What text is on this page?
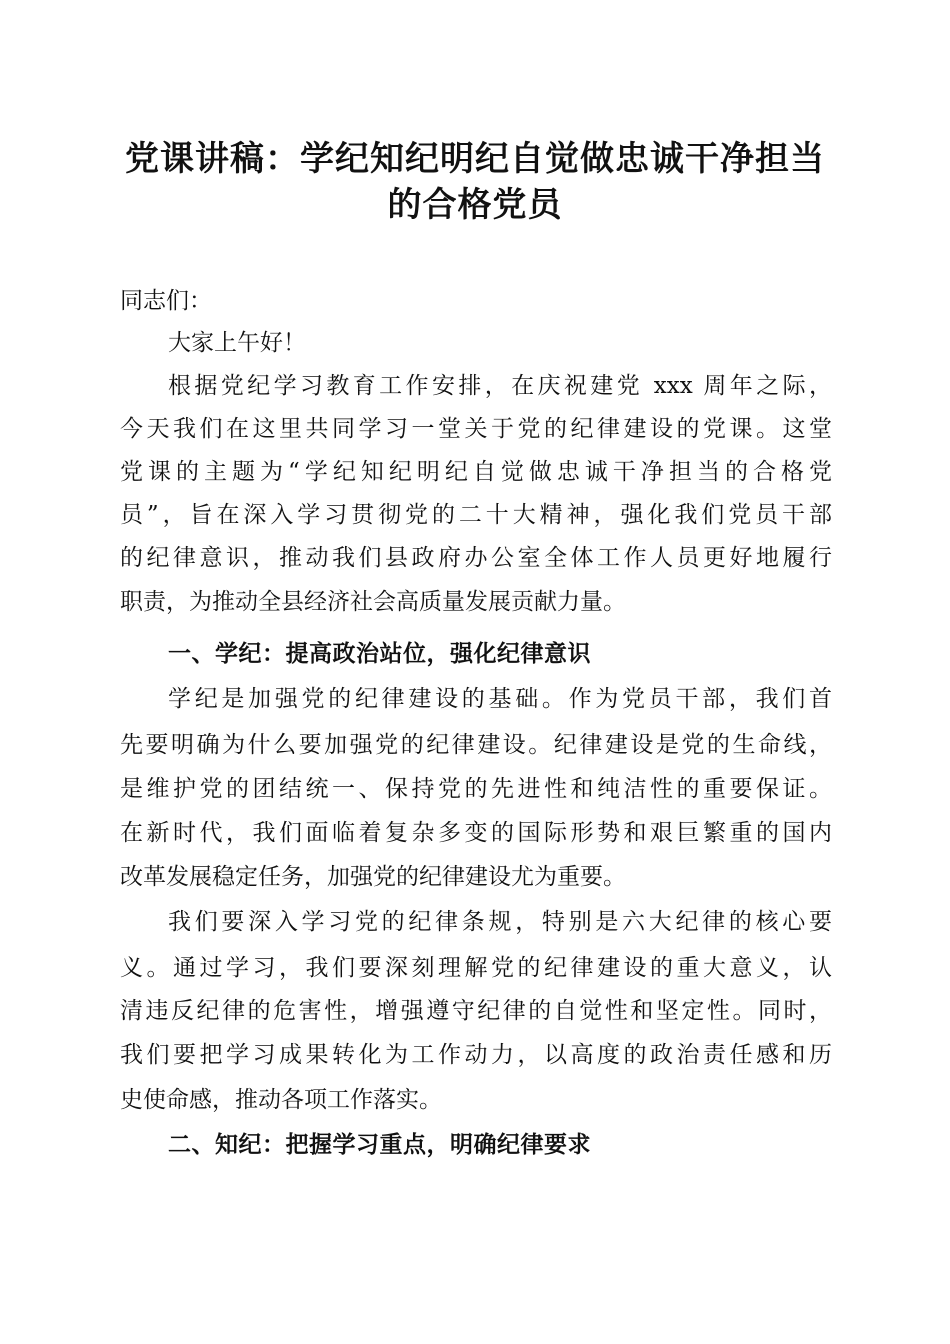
党课讲稿：学纪知纪明纪自觉做忠诚干净担当
的合格党员
同志们：
大家上午好！
根据党纪学习教育工作安排，在庆祝建党 xxx 周年之际，
今天我们在这里共同学习一堂关于党的纪律建设的党课。这堂
党课的主题为“学纪知纪明纪自觉做忠诚干净担当的合格党
员”，旨在深入学习贯彻党的二十大精神，强化我们党员干部
的纪律意识，推动我们县政府办公室全体工作人员更好地履行
职责，为推动全县经济社会高质量发展贡献力量。
一、学纪：提高政治站位，强化纪律意识
学纪是加强党的纪律建设的基础。作为党员干部，我们首
先要明确为什么要加强党的纪律建设。纪律建设是党的生命线，
是维护党的团结统一、保持党的先进性和纯洁性的重要保证。
在新时代，我们面临着复杂多变的国际形势和艰巨繁重的国内
改革发展稳定任务，加强党的纪律建设尤为重要。
我们要深入学习党的纪律条规，特别是六大纪律的核心要
义。通过学习，我们要深刻理解党的纪律建设的重大意义，认
清违反纪律的危害性，增强遵守纪律的自觉性和坚定性。同时，
我们要把学习成果转化为工作动力，以高度的政治责任感和历
史使命感，推动各项工作落实。
二、知纪：把握学习重点，明确纪律要求
